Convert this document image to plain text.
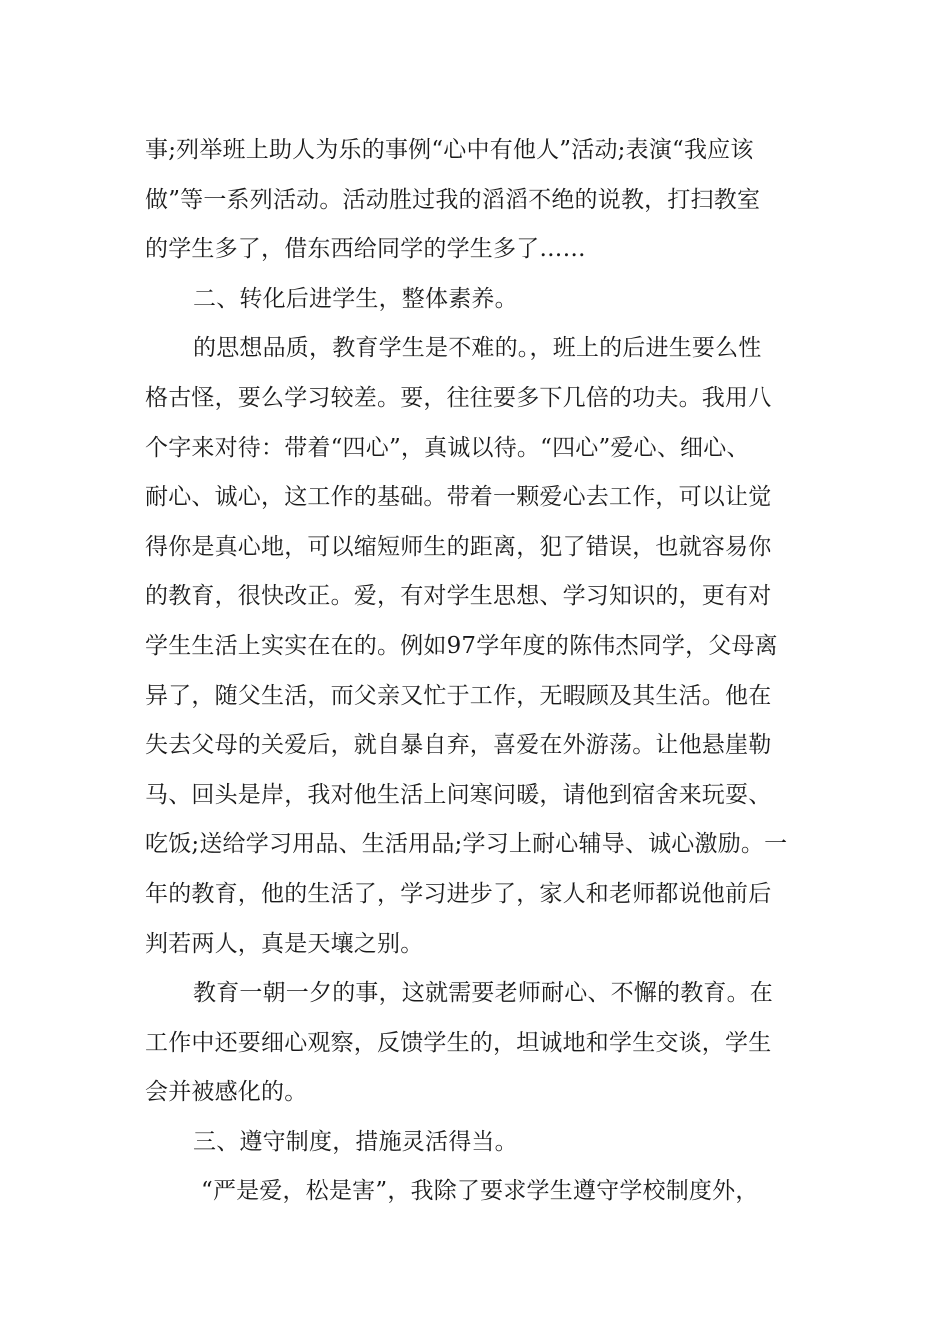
事;列举班上助人为乐的事例“心中有他人”活动;表演“我应该
做”等一系列活动。活动胜过我的滔滔不绝的说教，打扫教室
的学生多了，借东西给同学的学生多了……
二、转化后进学生，整体素养。
的思想品质，教育学生是不难的。，班上的后进生要么性
格古怪，要么学习较差。要，往往要多下几倍的功夫。我用八
个字来对待：带着“四心”，真诚以待。“四心”爱心、细心、
耐心、诚心，这工作的基础。带着一颗爱心去工作，可以让觉
得你是真心地，可以缩短师生的距离，犯了错误，也就容易你
的教育，很快改正。爱，有对学生思想、学习知识的，更有对
学生生活上实实在在的。例如97学年度的陈伟杰同学，父母离
异了，随父生活，而父亲又忙于工作，无暇顾及其生活。他在
失去父母的关爱后，就自暴自弃，喜爱在外游荡。让他悬崖勒
马、回头是岸，我对他生活上问寒问暖，请他到宿舍来玩耍、
吃饭;送给学习用品、生活用品;学习上耐心辅导、诚心激励。一
年的教育，他的生活了，学习进步了，家人和老师都说他前后
判若两人，真是天壤之别。
教育一朝一夕的事，这就需要老师耐心、不懈的教育。在
工作中还要细心观察，反馈学生的，坦诚地和学生交谈，学生
会并被感化的。
三、遵守制度，措施灵活得当。
“严是爱，松是害”，我除了要求学生遵守学校制度外，
